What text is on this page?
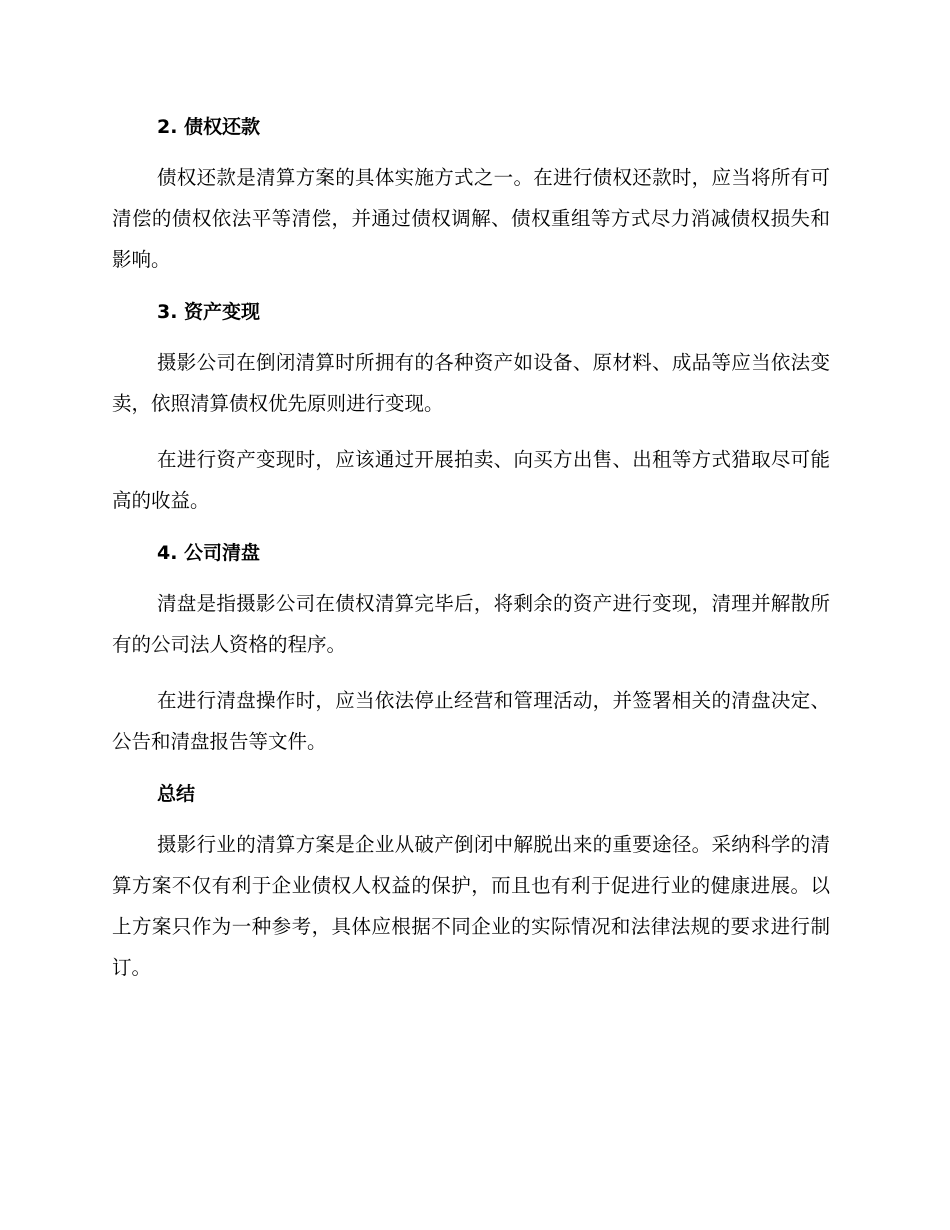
2. 债权还款

债权还款是清算方案的具体实施方式之一。在进行债权还款时，应当将所有可清偿的债权依法平等清偿，并通过债权调解、债权重组等方式尽力消减债权损失和影响。

3. 资产变现

摄影公司在倒闭清算时所拥有的各种资产如设备、原材料、成品等应当依法变卖，依照清算债权优先原则进行变现。

在进行资产变现时，应该通过开展拍卖、向买方出售、出租等方式猎取尽可能高的收益。

4. 公司清盘

清盘是指摄影公司在债权清算完毕后，将剩余的资产进行变现，清理并解散所有的公司法人资格的程序。

在进行清盘操作时，应当依法停止经营和管理活动，并签署相关的清盘决定、公告和清盘报告等文件。

总结

摄影行业的清算方案是企业从破产倒闭中解脱出来的重要途径。采纳科学的清算方案不仅有利于企业债权人权益的保护，而且也有利于促进行业的健康进展。以上方案只作为一种参考，具体应根据不同企业的实际情况和法律法规的要求进行制订。
